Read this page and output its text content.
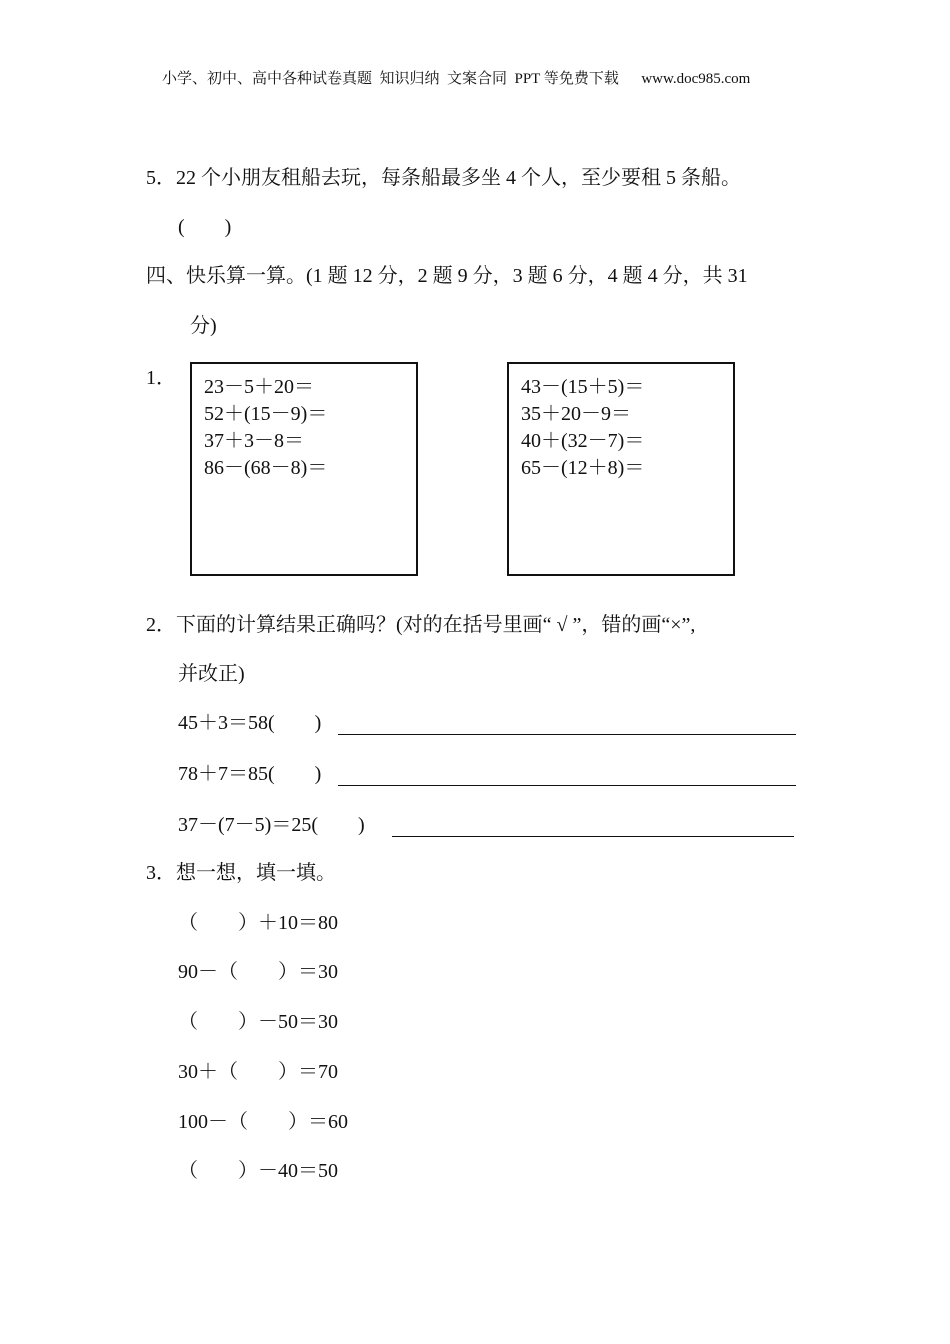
小学、初中、高中各种试卷真题  知识归纳  文案合同  PPT 等免费下载 www.doc985.com
5．22 个小朋友租船去玩，每条船最多坐 4 个人，至少要租 5 条船。
(　　)
四、快乐算一算。(1 题 12 分，2 题 9 分，3 题 6 分，4 题 4 分，共 31
分)
1． 23－5＋20＝
52＋(15－9)＝
37＋3－8＝
86－(68－8)＝
43－(15＋5)＝
35＋20－9＝
40＋(32－7)＝
65－(12＋8)＝
2．下面的计算结果正确吗？(对的在括号里画“ √ ”，错的画“×”,
并改正)
45＋3＝58(　　)
78＋7＝85(　　)
37－(7－5)＝25(　　)
3．想一想，填一填。
（　　）＋10＝80
90－（　　）＝30
（　　）－50＝30
30＋（　　）＝70
100－（　　）＝60
（　　）－40＝50
